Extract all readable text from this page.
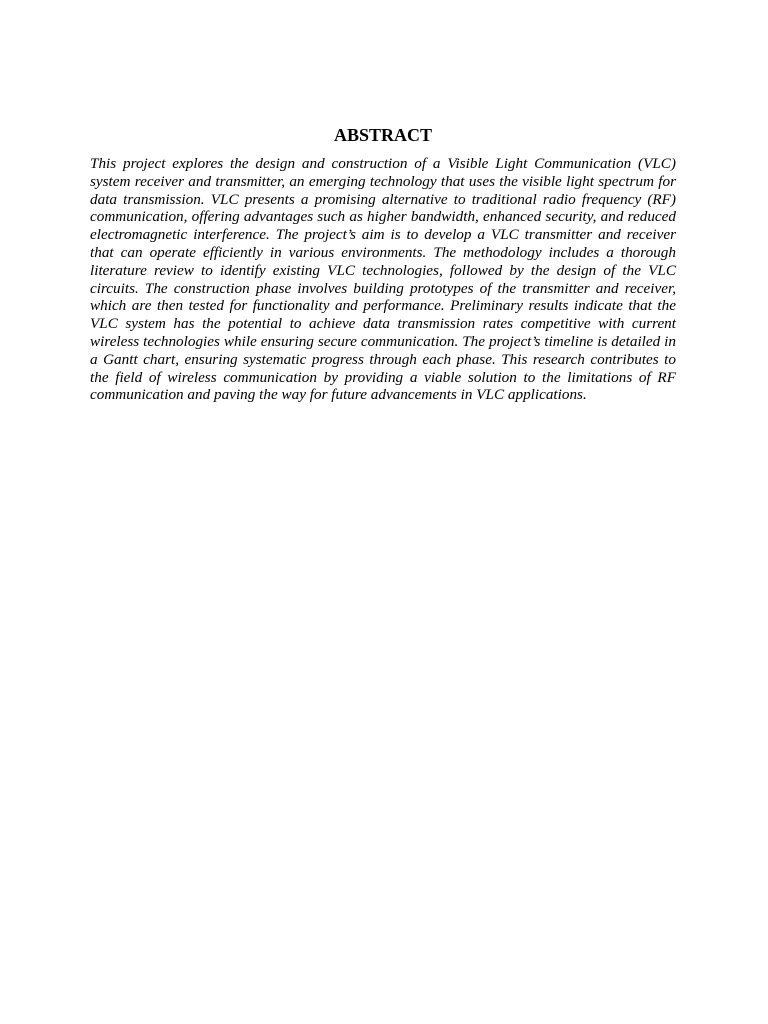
ABSTRACT

This project explores the design and construction of a Visible Light Communication (VLC) system receiver and transmitter, an emerging technology that uses the visible light spectrum for data transmission. VLC presents a promising alternative to traditional radio frequency (RF) communication, offering advantages such as higher bandwidth, enhanced security, and reduced electromagnetic interference. The project’s aim is to develop a VLC transmitter and receiver that can operate efficiently in various environments. The methodology includes a thorough literature review to identify existing VLC technologies, followed by the design of the VLC circuits. The construction phase involves building prototypes of the transmitter and receiver, which are then tested for functionality and performance. Preliminary results indicate that the VLC system has the potential to achieve data transmission rates competitive with current wireless technologies while ensuring secure communication. The project’s timeline is detailed in a Gantt chart, ensuring systematic progress through each phase. This research contributes to the field of wireless communication by providing a viable solution to the limitations of RF communication and paving the way for future advancements in VLC applications.
